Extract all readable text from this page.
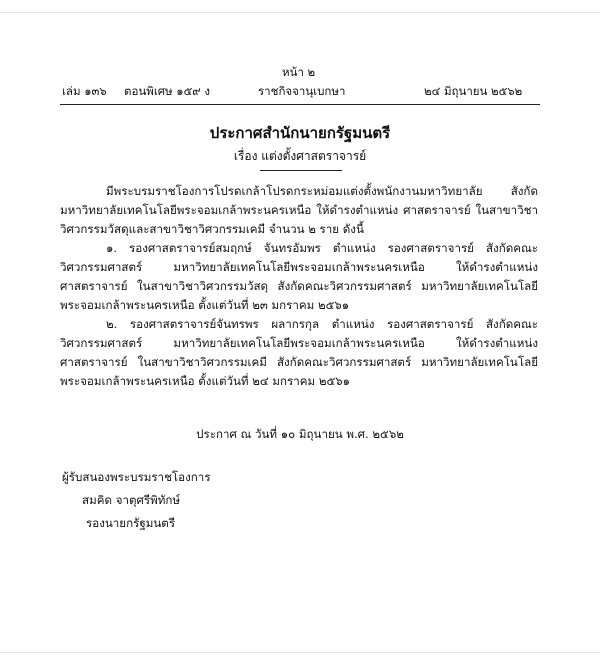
หน้า ๒
เล่ม ๑๓๖ ตอนพิเศษ ๑๕๙ ง	ราชกิจจานุเบกษา	๒๔ มิถุนายน ๒๕๖๒
ประกาศสำนักนายกรัฐมนตรี
เรื่อง แต่งตั้งศาสตราจารย์

มีพระบรมราชโองการโปรดเกล้าโปรดกระหม่อมแต่งตั้งพนักงานมหาวิทยาลัย สังกัดมหาวิทยาลัยเทคโนโลยีพระจอมเกล้าพระนครเหนือ ให้ดำรงตำแหน่ง ศาสตราจารย์ ในสาขาวิชาวิศวกรรมวัสดุและสาขาวิชาวิศวกรรมเคมี จำนวน ๒ ราย ดังนี้

๑. รองศาสตราจารย์สมฤกษ์ จันทรอัมพร ตำแหน่ง รองศาสตราจารย์ สังกัดคณะวิศวกรรมศาสตร์ มหาวิทยาลัยเทคโนโลยีพระจอมเกล้าพระนครเหนือ ให้ดำรงตำแหน่งศาสตราจารย์ ในสาขาวิชาวิศวกรรมวัสดุ สังกัดคณะวิศวกรรมศาสตร์ มหาวิทยาลัยเทคโนโลยีพระจอมเกล้าพระนครเหนือ ตั้งแต่วันที่ ๒๓ มกราคม ๒๕๖๑

๒. รองศาสตราจารย์จันทรพร ผลากรกุล ตำแหน่ง รองศาสตราจารย์ สังกัดคณะวิศวกรรมศาสตร์ มหาวิทยาลัยเทคโนโลยีพระจอมเกล้าพระนครเหนือ ให้ดำรงตำแหน่งศาสตราจารย์ ในสาขาวิชาวิศวกรรมเคมี สังกัดคณะวิศวกรรมศาสตร์ มหาวิทยาลัยเทคโนโลยีพระจอมเกล้าพระนครเหนือ ตั้งแต่วันที่ ๒๔ มกราคม ๒๕๖๑

ประกาศ ณ วันที่ ๑๐ มิถุนายน พ.ศ. ๒๕๖๒
ผู้รับสนองพระบรมราชโองการ
สมคิด จาตุศรีพิทักษ์
รองนายกรัฐมนตรี
